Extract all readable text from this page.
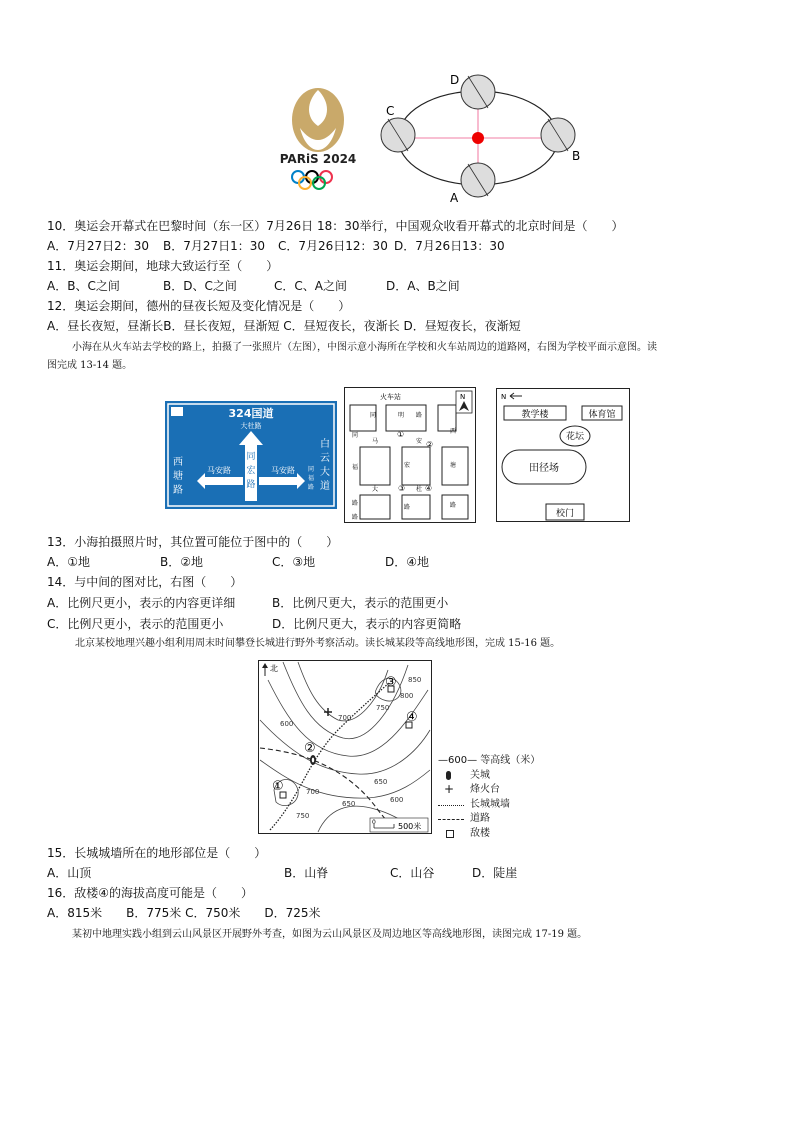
PARiS 2024
D
C
B
A
10．奥运会开幕式在巴黎时间（东一区）7月26日 18：30举行，中国观众收看开幕式的北京时间是（　　）
A．7月27日2：30 B．7月27日1：30 C．7月26日12：30 D．7月26日13：30
11．奥运会期间，地球大致运行至（　　）
A．B、C之间	B．D、C之间	C．C、A之间	D．A、B之间
12．奥运会期间，德州的昼夜长短及变化情况是（　　）
A．昼长夜短，昼渐长B．昼长夜短，昼渐短 C．昼短夜长，夜渐长 D．昼短夜长，夜渐短
小海在从火车站去学校的路上，拍摄了一张照片（左图），中图示意小海所在学校和火车站周边的道路网，右图为学校平面示意图。读
图完成 13-14 题。
324国道
大杜路
马安路	马安路
西
塘
路
同
宏
路
白
云
大
道
同
福
路
火车站
同	明 路
同
福
路
西
塘
路
马	安
宏
大	杜
路
路
①
②
③ ④
N	N
教学楼	体育馆
花坛
田径场
校门
13．小海拍摄照片时，其位置可能位于图中的（　　）
A．①地	B．②地	C．③地	D．④地
14．与中间的图对比，右图（　　）
A．比例尺更小，表示的内容更详细	B．比例尺更大，表示的范围更小
C．比例尺更小，表示的范围更小	D．比例尺更大，表示的内容更简略
北京某校地理兴趣小组利用周末时间攀登长城进行野外考察活动。读长城某段等高线地形图，完成 15-16 题。
北
③
④
②
①
850
800
750
700
600
650
600
700
650
750
0	500米
—600— 等高线（米）
关城
+ 烽火台
长城城墙
道路
敌楼
15．长城城墙所在的地形部位是（　　）
A．山顶	B．山脊	C．山谷	D．陡崖
16．敌楼④的海拔高度可能是（　　）
A．815米　　B．775米 C．750米　　D．725米
某初中地理实践小组到云山风景区开展野外考查，如图为云山风景区及周边地区等高线地形图，读图完成 17-19 题。
